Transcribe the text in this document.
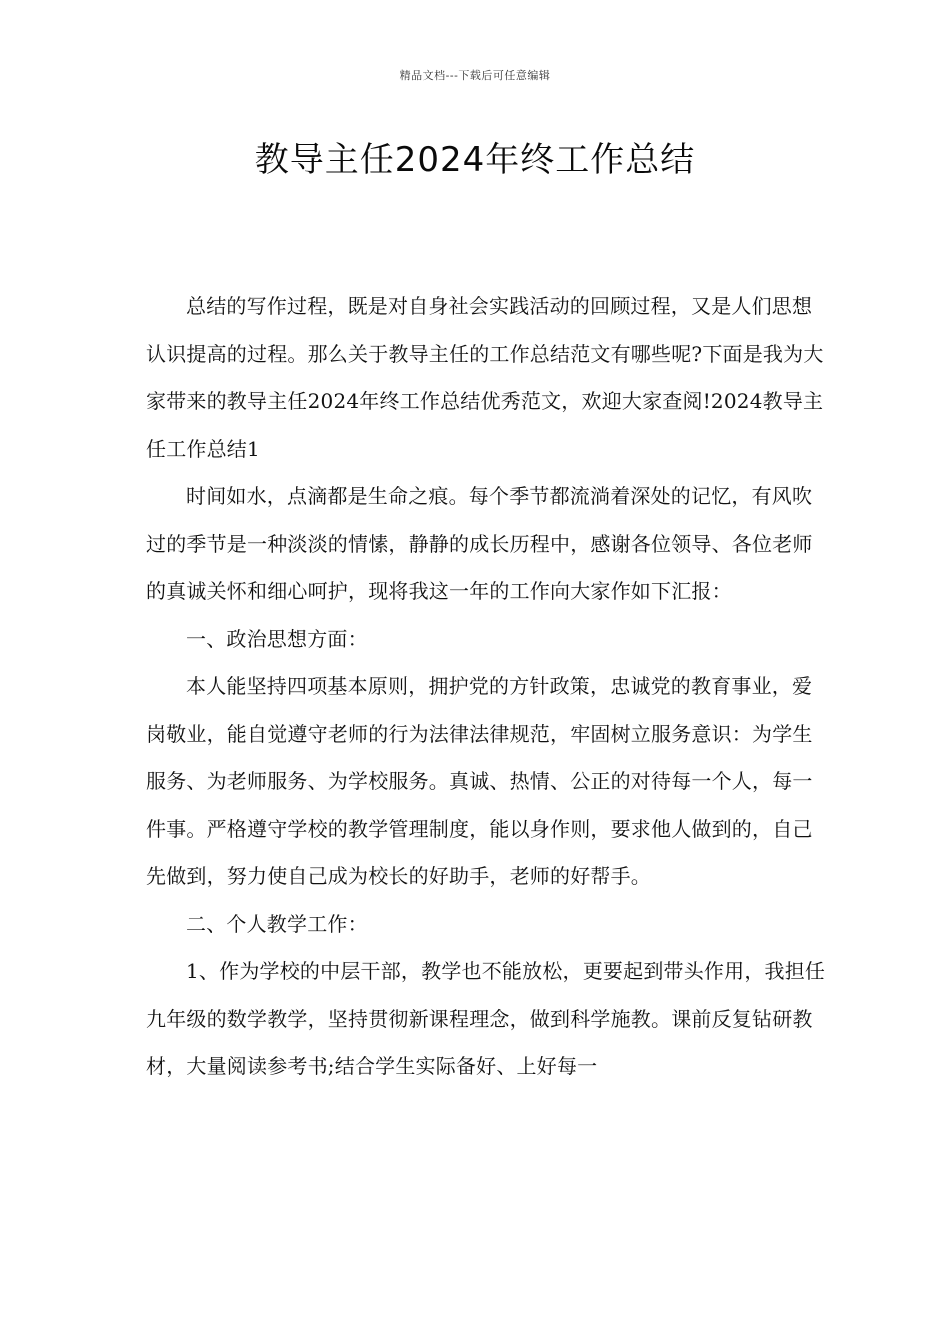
精品文档---下载后可任意编辑
教导主任2024年终工作总结

总结的写作过程，既是对自身社会实践活动的回顾过程，又是人们思想认识提高的过程。那么关于教导主任的工作总结范文有哪些呢?下面是我为大家带来的教导主任2024年终工作总结优秀范文，欢迎大家查阅!2024教导主任工作总结1

时间如水，点滴都是生命之痕。每个季节都流淌着深处的记忆，有风吹过的季节是一种淡淡的情愫，静静的成长历程中，感谢各位领导、各位老师的真诚关怀和细心呵护，现将我这一年的工作向大家作如下汇报：

一、政治思想方面：

本人能坚持四项基本原则，拥护党的方针政策，忠诚党的教育事业，爱岗敬业，能自觉遵守老师的行为法律法律规范，牢固树立服务意识：为学生服务、为老师服务、为学校服务。真诚、热情、公正的对待每一个人，每一件事。严格遵守学校的教学管理制度，能以身作则，要求他人做到的，自己先做到，努力使自己成为校长的好助手，老师的好帮手。

二、个人教学工作：

1、作为学校的中层干部，教学也不能放松，更要起到带头作用，我担任九年级的数学教学，坚持贯彻新课程理念，做到科学施教。课前反复钻研教材，大量阅读参考书;结合学生实际备好、上好每一
